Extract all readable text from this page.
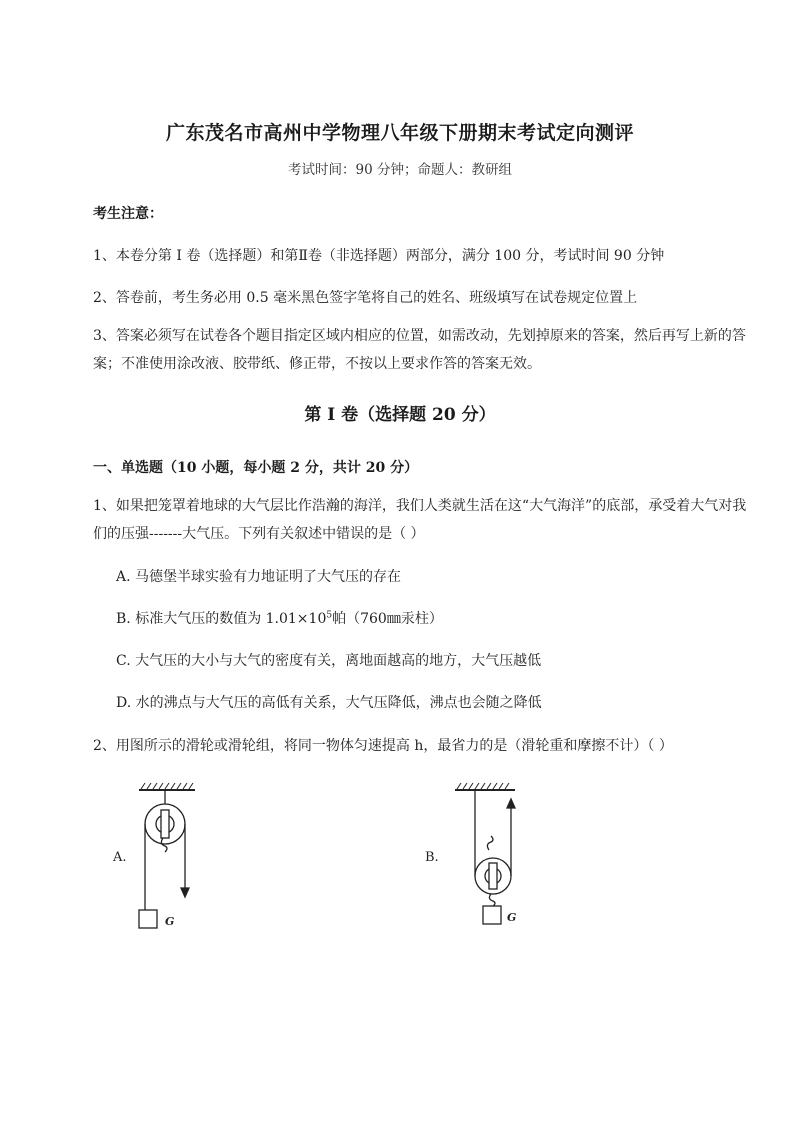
广东茂名市高州中学物理八年级下册期末考试定向测评
考试时间：90 分钟；命题人：教研组
考生注意：
1、本卷分第 I 卷（选择题）和第Ⅱ卷（非选择题）两部分，满分 100 分，考试时间 90 分钟
2、答卷前，考生务必用 0.5 毫米黑色签字笔将自己的姓名、班级填写在试卷规定位置上
3、答案必须写在试卷各个题目指定区域内相应的位置，如需改动，先划掉原来的答案，然后再写上新的答案；不准使用涂改液、胶带纸、修正带，不按以上要求作答的答案无效。
第 I 卷（选择题 20 分）
一、单选题（10 小题，每小题 2 分，共计 20 分）
1、如果把笼罩着地球的大气层比作浩瀚的海洋，我们人类就生活在这“大气海洋”的底部，承受着大气对我们的压强-------大气压。下列有关叙述中错误的是（ ）
A. 马德堡半球实验有力地证明了大气压的存在
B. 标准大气压的数值为 $1.01\times 10^5$帕（760㎜汞柱）
C. 大气压的大小与大气的密度有关，离地面越高的地方，大气压越低
D. 水的沸点与大气压的高低有关系，大气压降低，沸点也会随之降低
2、用图所示的滑轮或滑轮组，将同一物体匀速提高 h，最省力的是（滑轮重和摩擦不计）（ ）
A.	B.
G	G
